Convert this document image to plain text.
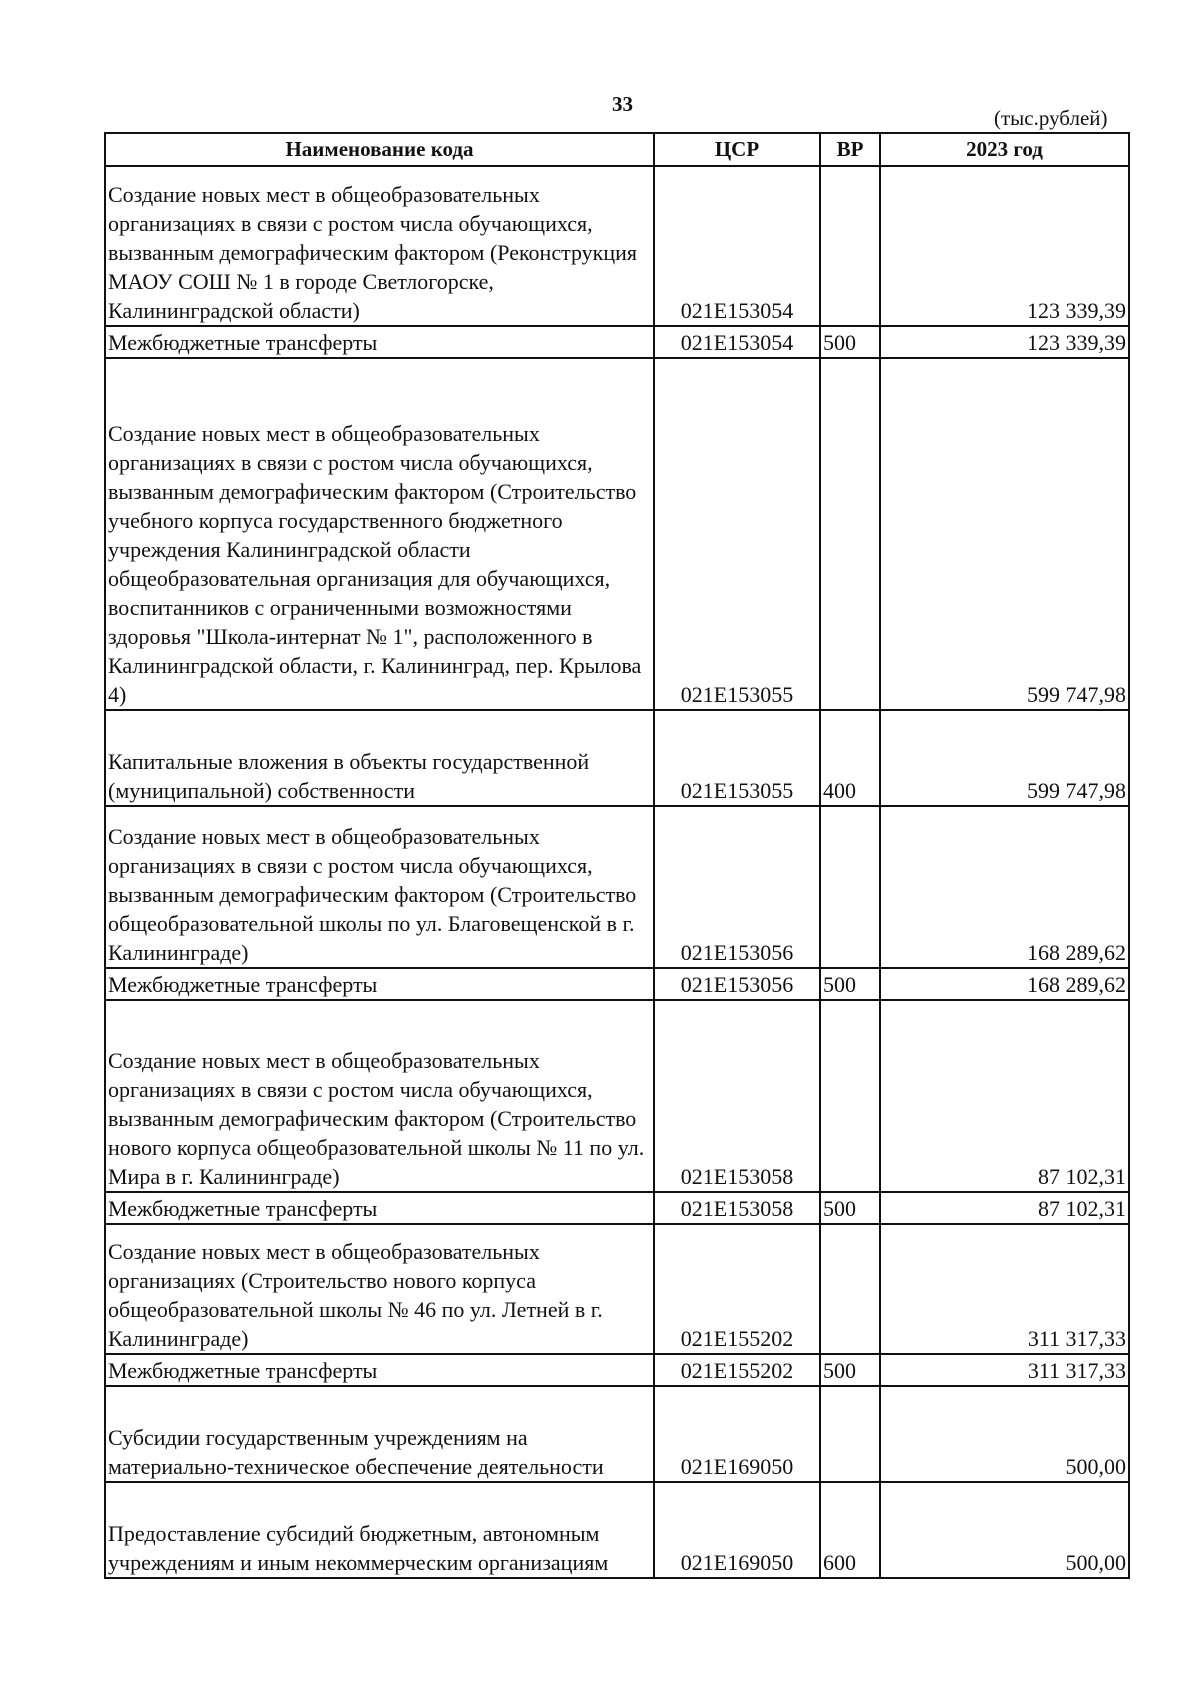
33
(тыс.рублей)
Наименование кода	ЦСР	ВР	2023 год
Создание новых мест в общеобразовательных организациях в связи с ростом числа обучающихся, вызванным демографическим фактором (Реконструкция МАОУ СОШ № 1 в городе Светлогорске, Калининградской области)	021E153054		123 339,39
Межбюджетные трансферты	021E153054	500	123 339,39
Создание новых мест в общеобразовательных организациях в связи с ростом числа обучающихся, вызванным демографическим фактором (Строительство учебного корпуса государственного бюджетного учреждения Калининградской области общеобразовательная организация для обучающихся, воспитанников с ограниченными возможностями здоровья "Школа-интернат № 1", расположенного в Калининградской области, г. Калининград, пер. Крылова 4)	021E153055		599 747,98
Капитальные вложения в объекты государственной (муниципальной) собственности	021E153055	400	599 747,98
Создание новых мест в общеобразовательных организациях в связи с ростом числа обучающихся, вызванным демографическим фактором (Строительство общеобразовательной школы по ул. Благовещенской в г. Калининграде)	021E153056		168 289,62
Межбюджетные трансферты	021E153056	500	168 289,62
Создание новых мест в общеобразовательных организациях в связи с ростом числа обучающихся, вызванным демографическим фактором (Строительство нового корпуса общеобразовательной школы № 11 по ул. Мира в г. Калининграде)	021E153058		87 102,31
Межбюджетные трансферты	021E153058	500	87 102,31
Создание новых мест в общеобразовательных организациях (Строительство нового корпуса общеобразовательной школы № 46 по ул. Летней в г. Калининграде)	021E155202		311 317,33
Межбюджетные трансферты	021E155202	500	311 317,33
Субсидии государственным учреждениям на материально-техническое обеспечение деятельности	021E169050		500,00
Предоставление субсидий бюджетным, автономным учреждениям и иным некоммерческим организациям	021E169050	600	500,00
